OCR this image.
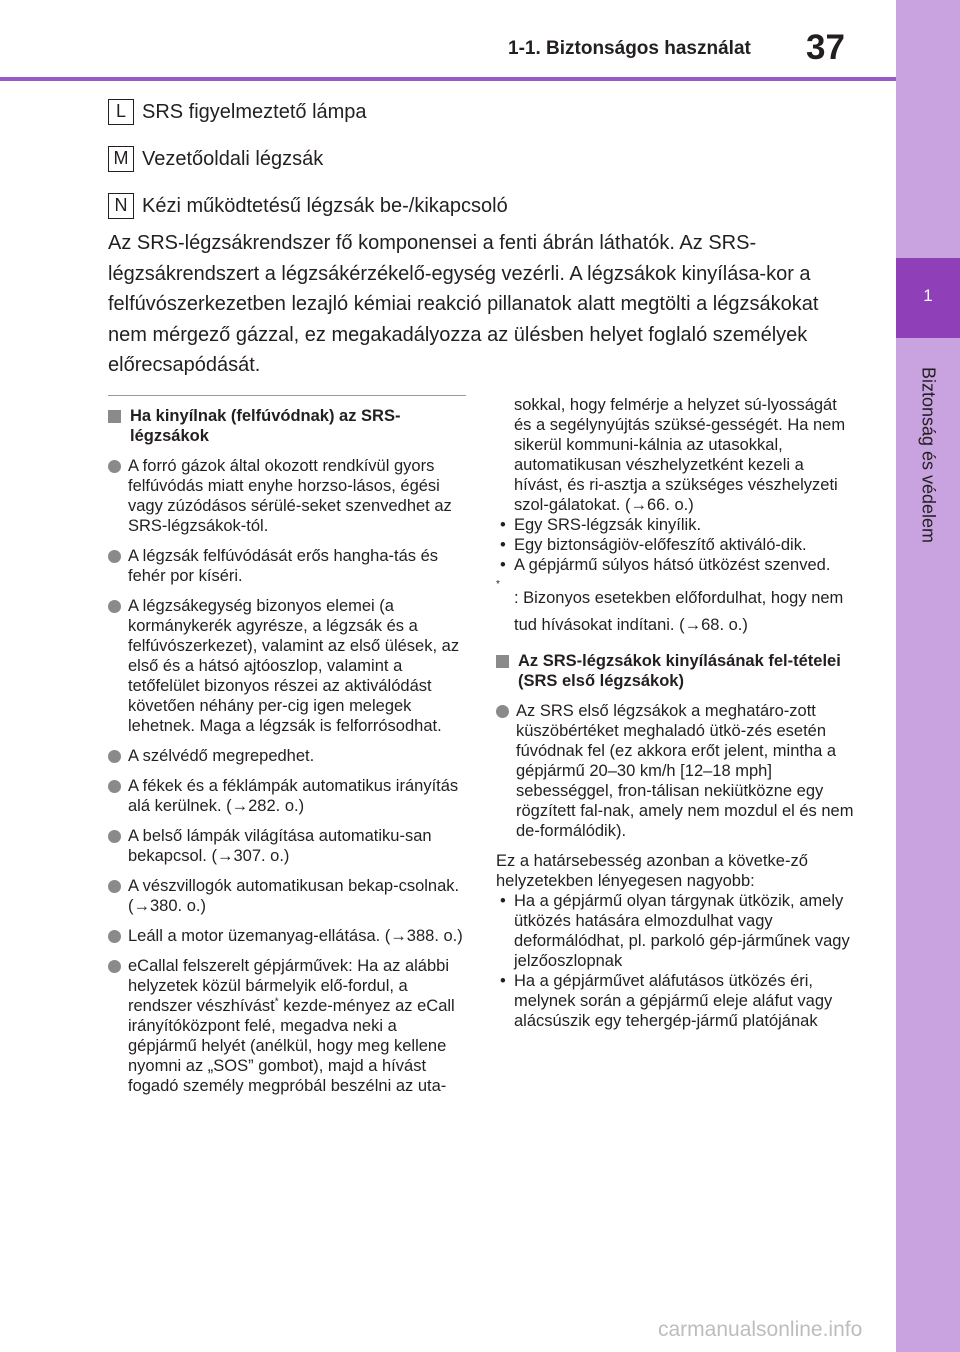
1-1. Biztonságos használat 37
1
Biztonság és védelem
L SRS figyelmeztető lámpa
M Vezetőoldali légzsák
N Kézi működtetésű légzsák be-/kikapcsoló

Az SRS-légzsákrendszer fő komponensei a fenti ábrán láthatók. Az SRS-légzsákrendszert a légzsákérzékelő-egység vezérli. A légzsákok kinyílása-kor a felfúvószerkezetben lezajló kémiai reakció pillanatok alatt megtölti a légzsákokat nem mérgező gázzal, ez megakadályozza az ülésben helyet foglaló személyek előrecsapódását.

Ha kinyílnak (felfúvódnak) az SRS-légzsákok
A forró gázok által okozott rendkívül gyors felfúvódás miatt enyhe horzso-lásos, égési vagy zúzódásos sérülé-seket szenvedhet az SRS-légzsákok-tól.
A légzsák felfúvódását erős hangha-tás és fehér por kíséri.
A légzsákegység bizonyos elemei (a kormánykerék agyrésze, a légzsák és a felfúvószerkezet), valamint az első ülések, az első és a hátsó ajtóoszlop, valamint a tetőfelület bizonyos részei az aktiválódást követően néhány per-cig igen melegek lehetnek. Maga a légzsák is felforrósodhat.
A szélvédő megrepedhet.
A fékek és a féklámpák automatikus irányítás alá kerülnek. (→282. o.)
A belső lámpák világítása automatiku-san bekapcsol. (→307. o.)
A vészvillogók automatikusan bekap-csolnak. (→380. o.)
Leáll a motor üzemanyag-ellátása. (→388. o.)
eCallal felszerelt gépjárművek: Ha az alábbi helyzetek közül bármelyik elő-fordul, a rendszer vészhívást* kezde-ményez az eCall irányítóközpont felé, megadva neki a gépjármű helyét (anélkül, hogy meg kellene nyomni az „SOS” gombot), majd a hívást fogadó személy megpróbál beszélni az uta-

sokkal, hogy felmérje a helyzet sú-lyosságát és a segélynyújtás szüksé-gességét. Ha nem sikerül kommuni-kálnia az utasokkal, automatikusan vészhelyzetként kezeli a hívást, és ri-asztja a szükséges vészhelyzeti szol-gálatokat. (→66. o.)

• Egy SRS-légzsák kinyílik.
• Egy biztonságiöv-előfeszítő aktiváló-dik.
• A gépjármű súlyos hátsó ütközést szenved.
*
: Bizonyos esetekben előfordulhat, hogy nem tud hívásokat indítani. (→68. o.)
Az SRS-légzsákok kinyílásának fel-tételei (SRS első légzsákok)
Az SRS első légzsákok a meghatáro-zott küszöbértéket meghaladó ütkö-zés esetén fúvódnak fel (ez akkora erőt jelent, mintha a gépjármű 20–30 km/h [12–18 mph] sebességgel, fron-tálisan nekiütközne egy rögzített fal-nak, amely nem mozdul el és nem de-formálódik).

Ez a határsebesség azonban a követke-ző helyzetekben lényegesen nagyobb:

• Ha a gépjármű olyan tárgynak ütközik, amely ütközés hatására elmozdulhat vagy deformálódhat, pl. parkoló gép-járműnek vagy jelzőoszlopnak
• Ha a gépjárművet aláfutásos ütközés éri, melynek során a gépjármű eleje aláfut vagy alácsúszik egy tehergép-jármű platójának
carmanualsonline.info
